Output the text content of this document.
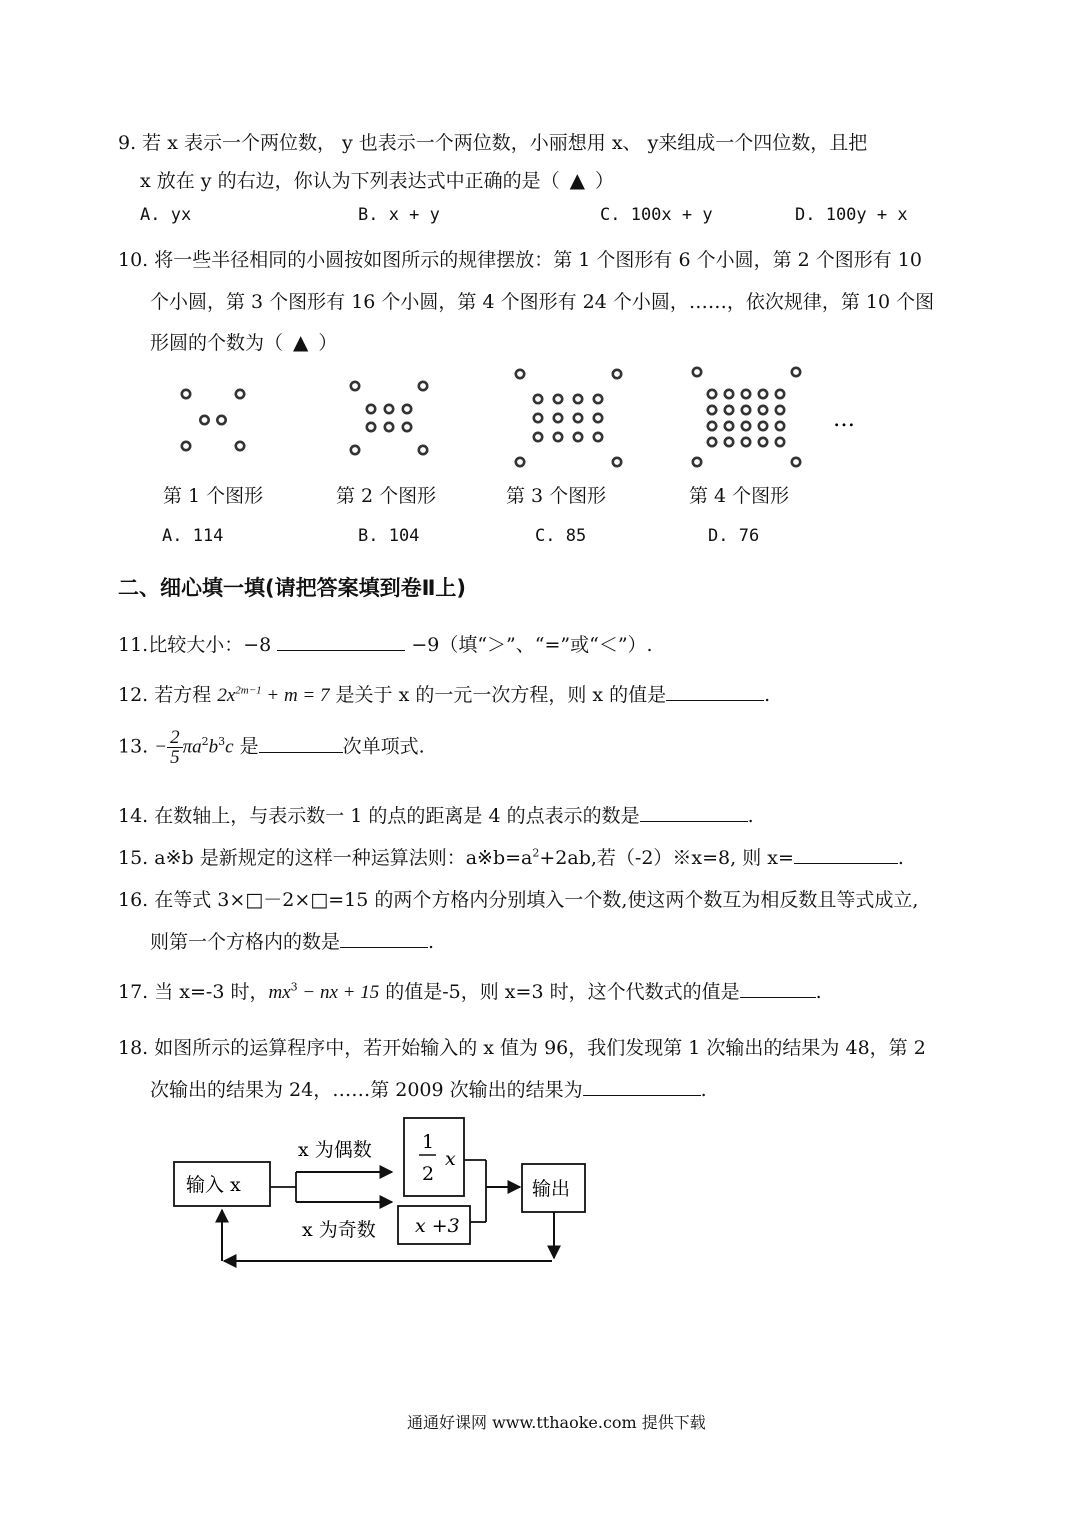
9. 若 x 表示一个两位数， y 也表示一个两位数，小丽想用 x、 y来组成一个四位数，且把
x 放在 y 的右边，你认为下列表达式中正确的是（ ▲ ）
A. yx	B. x + y	C. 100x + y	D. 100y + x
10. 将一些半径相同的小圆按如图所示的规律摆放：第 1 个图形有 6 个小圆，第 2 个图形有 10
个小圆，第 3 个图形有 16 个小圆，第 4 个图形有 24 个小圆，……，依次规律，第 10 个图
形圆的个数为（ ▲ ）
…
第 1 个图形	第 2 个图形	第 3 个图形	第 4 个图形
A. 114	B. 104	C. 85	D. 76
二、细心填一填(请把答案填到卷Ⅱ上)
11.比较大小：−8	−9（填“＞”、“=”或“＜”）.
12. 若方程 $2x^{2m-1} + m = 7$ 是关于 x 的一元一次方程，则 x 的值是	.
13. − $\frac{2}{5} \pi a^2b^3c$ 是	次单项式.
14. 在数轴上，与表示数一 1 的点的距离是 4 的点表示的数是	.
15. a※b 是新规定的这样一种运算法则：$a※b=a^2+2ab$,若（-2）※x=8, 则 x=	.
16. 在等式 3×□－2×□=15 的两个方格内分别填入一个数,使这两个数互为相反数且等式成立,
则第一个方格内的数是	.
17. 当 x=-3 时，$mx^3$ − nx + 15 的值是-5，则 x=3 时，这个代数式的值是	.
18. 如图所示的运算程序中，若开始输入的 x 值为 96，我们发现第 1 次输出的结果为 48，第 2
次输出的结果为 24，……第 2009 次输出的结果为	.
输入 x
x 为偶数
x 为奇数
1
2
x
x +3
输出
通通好课网 www.tthaoke.com 提供下载
